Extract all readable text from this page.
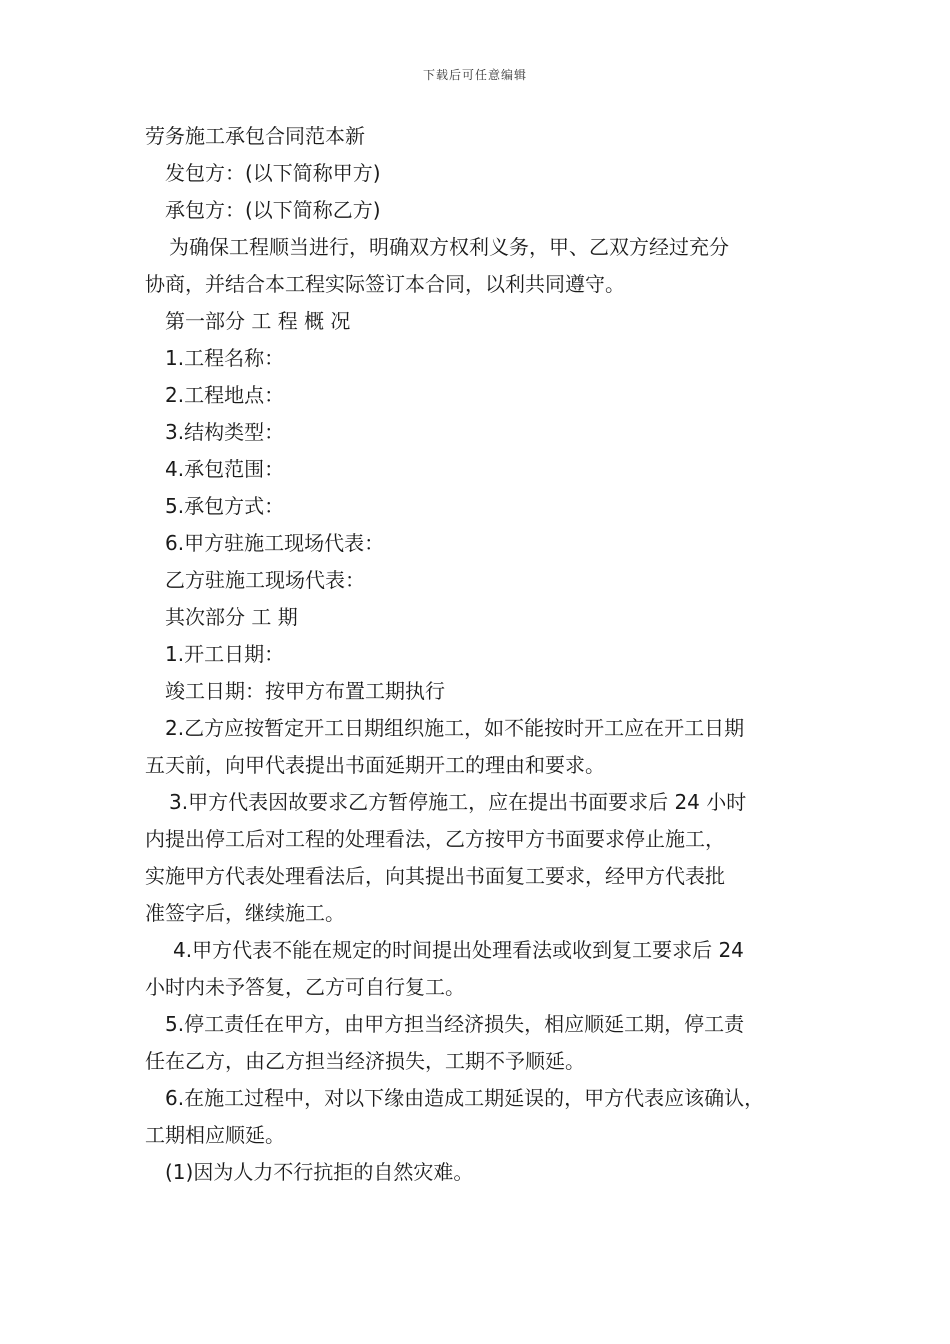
下载后可任意编辑
劳务施工承包合同范本新
发包方：(以下简称甲方)
承包方：(以下简称乙方)
为确保工程顺当进行，明确双方权利义务，甲、乙双方经过充分
协商，并结合本工程实际签订本合同，以利共同遵守。
第一部分 工 程 概 况
1.工程名称：
2.工程地点：
3.结构类型：
4.承包范围：
5.承包方式：
6.甲方驻施工现场代表：
乙方驻施工现场代表：
其次部分 工 期
1.开工日期：
竣工日期：按甲方布置工期执行
2.乙方应按暂定开工日期组织施工，如不能按时开工应在开工日期
五天前，向甲代表提出书面延期开工的理由和要求。
3.甲方代表因故要求乙方暂停施工，应在提出书面要求后 24 小时
内提出停工后对工程的处理看法，乙方按甲方书面要求停止施工，
实施甲方代表处理看法后，向其提出书面复工要求，经甲方代表批
准签字后，继续施工。
4.甲方代表不能在规定的时间提出处理看法或收到复工要求后 24
小时内未予答复，乙方可自行复工。
5.停工责任在甲方，由甲方担当经济损失，相应顺延工期，停工责
任在乙方，由乙方担当经济损失，工期不予顺延。
6.在施工过程中，对以下缘由造成工期延误的，甲方代表应该确认，
工期相应顺延。
(1)因为人力不行抗拒的自然灾难。
